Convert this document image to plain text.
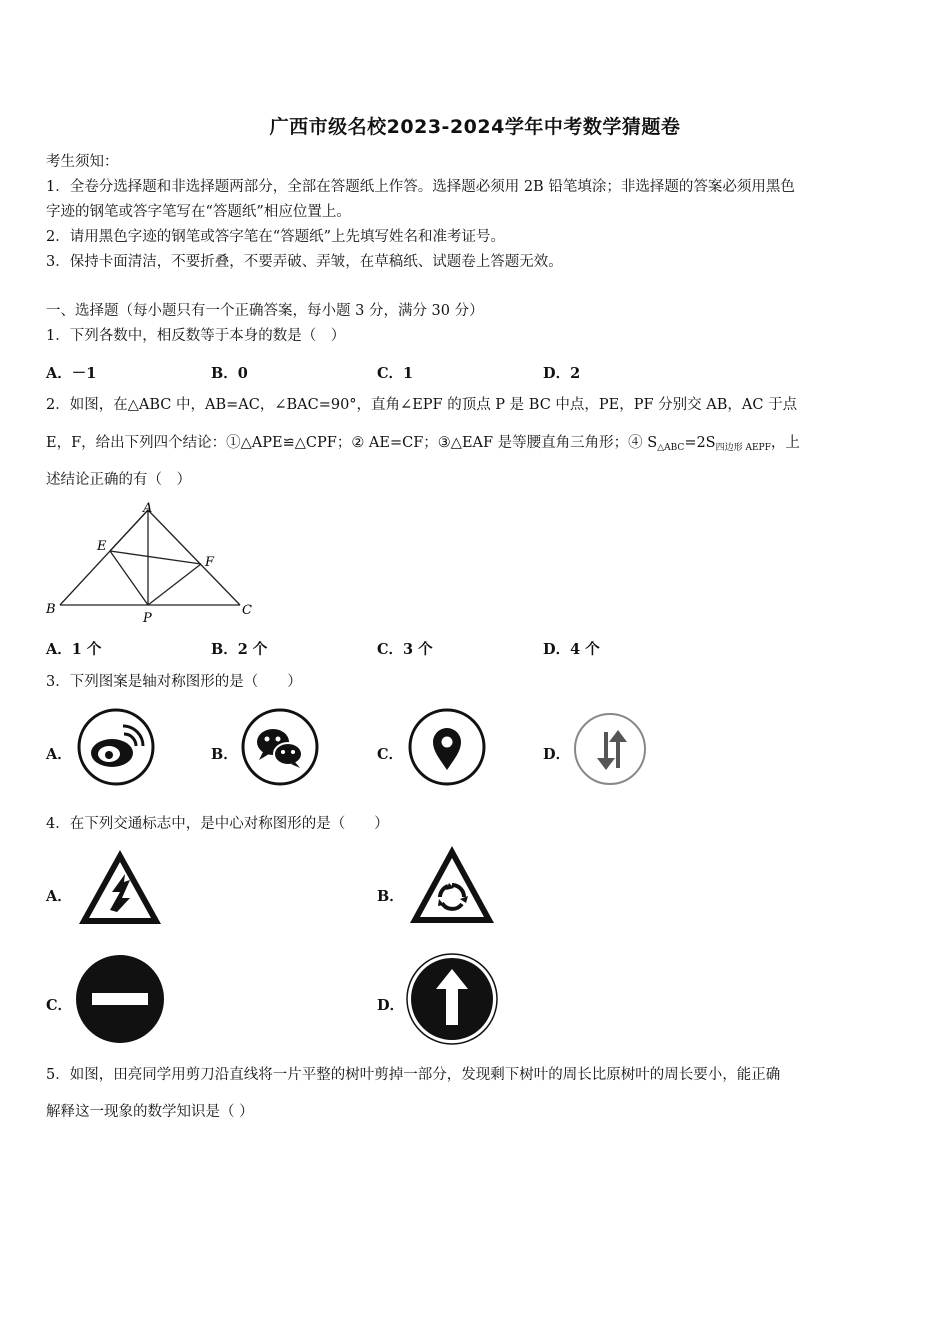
广西市级名校2023-2024学年中考数学猜题卷
考生须知：
1．全卷分选择题和非选择题两部分，全部在答题纸上作答。选择题必须用 2B 铅笔填涂；非选择题的答案必须用黑色
字迹的钢笔或答字笔写在“答题纸”相应位置上。
2．请用黑色字迹的钢笔或答字笔在“答题纸”上先填写姓名和准考证号。
3．保持卡面清洁，不要折叠，不要弄破、弄皱，在草稿纸、试题卷上答题无效。
一、选择题（每小题只有一个正确答案，每小题 3 分，满分 30 分）
1．下列各数中，相反数等于本身的数是（　）
A．－1	B．0	C．1	D．2
2．如图，在△ABC 中，AB=AC，∠BAC=90°，直角∠EPF 的顶点 P 是 BC 中点，PE，PF 分别交 AB，AC 于点
E，F，给出下列四个结论：①△APE≌△CPF；② AE=CF；③△EAF 是等腰直角三角形；④ $S_{\triangle ABC}=2S_{四边形 AEPF}$，上
述结论正确的有（　）
A
E
F
B
P
C
A．1 个	B．2 个	C．3 个	D．4 个
3．下列图案是轴对称图形的是（　　）
A．	B．	C．	D．
4．在下列交通标志中，是中心对称图形的是（　　）
A．	B．
C．	D．
5．如图，田亮同学用剪刀沿直线将一片平整的树叶剪掉一部分，发现剩下树叶的周长比原树叶的周长要小，能正确
解释这一现象的数学知识是（ ）
